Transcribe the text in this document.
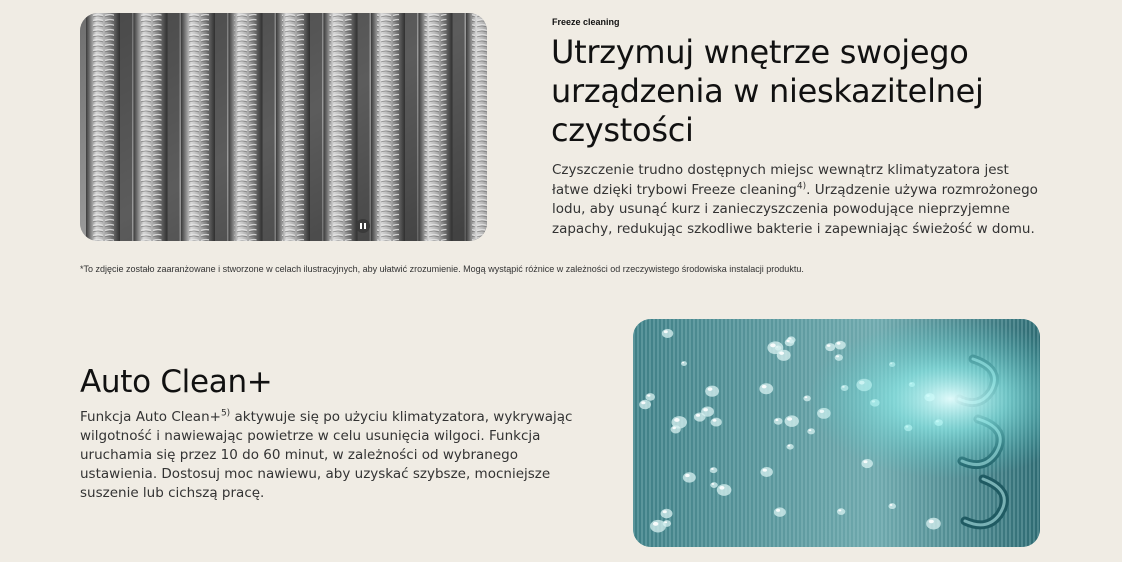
Freeze cleaning
Utrzymuj wnętrze swojego urządzenia w nieskazitelnej czystości

Czyszczenie trudno dostępnych miejsc wewnątrz klimatyzatora jest łatwe dzięki trybowi Freeze cleaning$^{4)}$. Urządzenie używa rozmrożonego lodu, aby usunąć kurz i zanieczyszczenia powodujące nieprzyjemne zapachy, redukując szkodliwe bakterie i zapewniając świeżość w domu.

*To zdjęcie zostało zaaranżowane i stworzone w celach ilustracyjnych, aby ułatwić zrozumienie. Mogą wystąpić różnice w zależności od rzeczywistego środowiska instalacji produktu.

Auto Clean+

Funkcja Auto Clean+$^{5)}$ aktywuje się po użyciu klimatyzatora, wykrywając wilgotność i nawiewając powietrze w celu usunięcia wilgoci. Funkcja uruchamia się przez 10 do 60 minut, w zależności od wybranego ustawienia. Dostosuj moc nawiewu, aby uzyskać szybsze, mocniejsze suszenie lub cichszą pracę.
